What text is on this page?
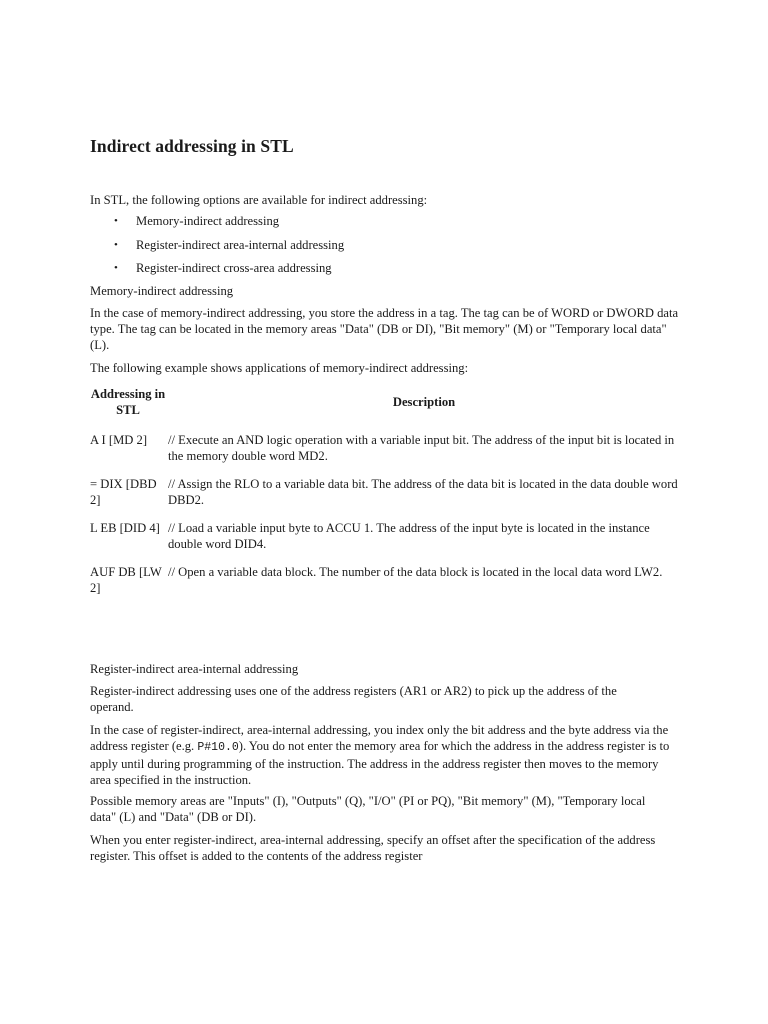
Indirect addressing in STL

In STL, the following options are available for indirect addressing:

• Memory-indirect addressing
• Register-indirect area-internal addressing
• Register-indirect cross-area addressing

Memory-indirect addressing

In the case of memory-indirect addressing, you store the address in a tag. The tag can be of WORD or DWORD data type. The tag can be located in the memory areas "Data" (DB or DI), "Bit memory" (M) or "Temporary local data" (L).

The following example shows applications of memory-indirect addressing:

Addressing in STL	Description
A I [MD 2]	// Execute an AND logic operation with a variable input bit. The address of the input bit is located in the memory double word MD2.
= DIX [DBD 2]	// Assign the RLO to a variable data bit. The address of the data bit is located in the data double word DBD2.
L EB [DID 4]	// Load a variable input byte to ACCU 1. The address of the input byte is located in the instance double word DID4.
AUF DB [LW 2]	// Open a variable data block. The number of the data block is located in the local data word LW2.

Register-indirect area-internal addressing

Register-indirect addressing uses one of the address registers (AR1 or AR2) to pick up the address of the operand.

In the case of register-indirect, area-internal addressing, you index only the bit address and the byte address via the address register (e.g. P#10.0). You do not enter the memory area for which the address in the address register is to apply until during programming of the instruction. The address in the address register then moves to the memory area specified in the instruction.

Possible memory areas are "Inputs" (I), "Outputs" (Q), "I/O" (PI or PQ), "Bit memory" (M), "Temporary local data" (L) and "Data" (DB or DI).

When you enter register-indirect, area-internal addressing, specify an offset after the specification of the address register. This offset is added to the contents of the address register
